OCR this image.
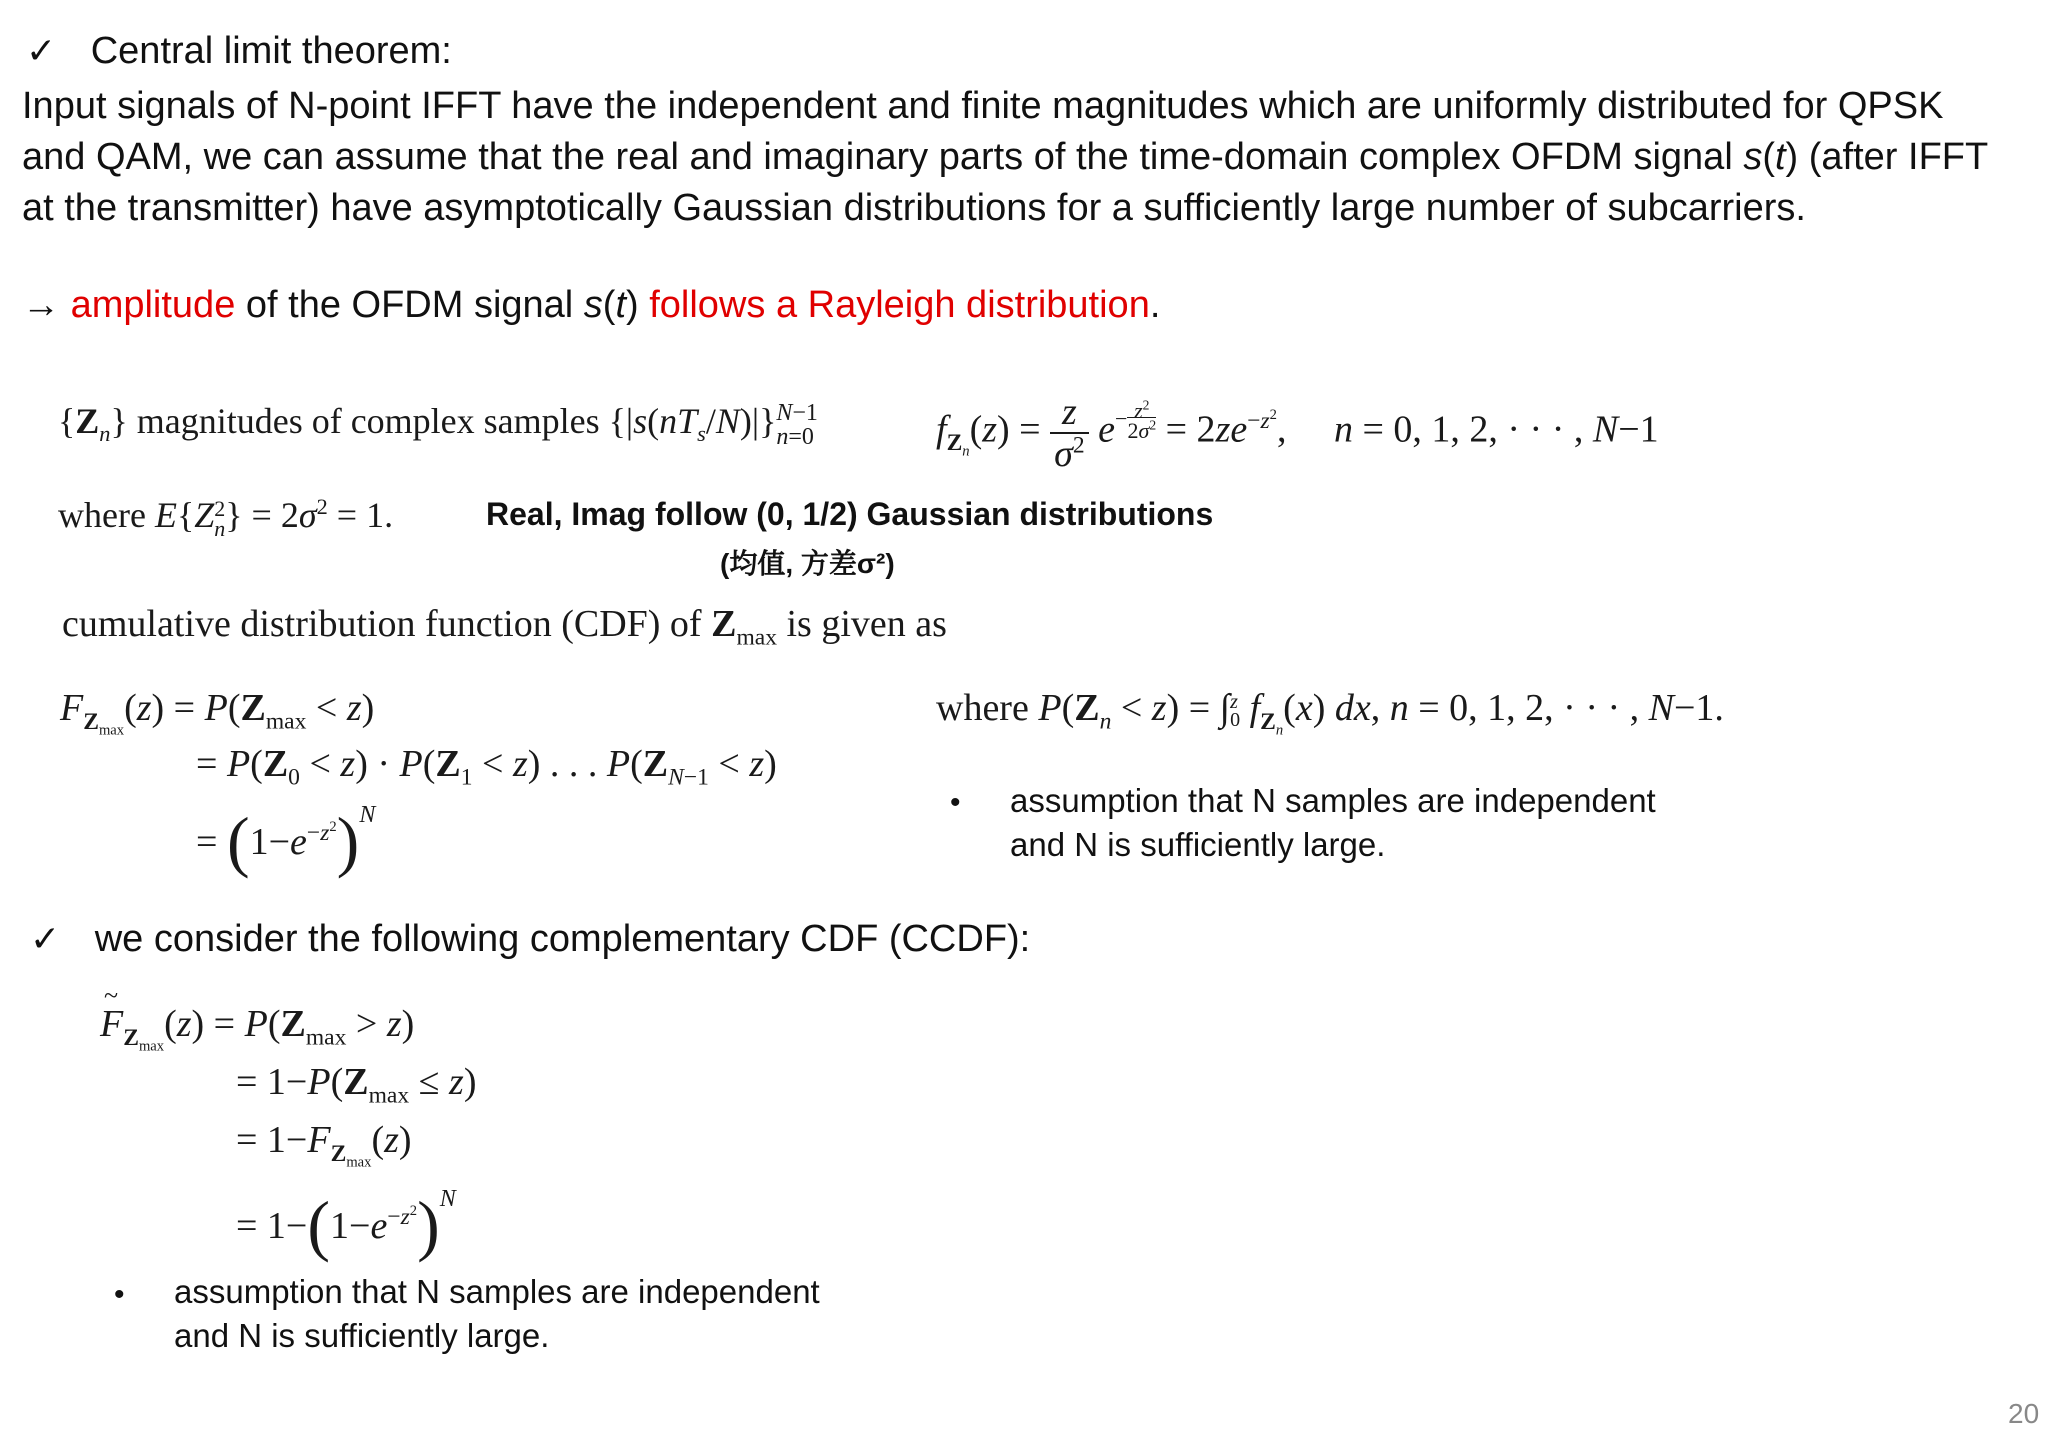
✓ Central limit theorem:
Input signals of N-point IFFT have the independent and finite magnitudes which are uniformly distributed for QPSK
and QAM, we can assume that the real and imaginary parts of the time-domain complex OFDM signal s(t) (after IFFT
at the transmitter) have asymptotically Gaussian distributions for a sufficiently large number of subcarriers.
→ amplitude of the OFDM signal s(t) follows a Rayleigh distribution.
$\{Z_n\}$ magnitudes of complex samples $\{|s(nT_s/N)|\}N-1$
n=0	$f_{Z_n}(z) = \frac{z}{\sigma^2} e^{- z^2 2\sigma^2} = 2ze^{-z^2}$,     n = 0, 1, 2, · · · , N−1
where E{Z2
$n\} = 2\sigma^2 = 1$.	Real, Imag follow (0, 1/2) Gaussian distributions
(均值, 方差σ²)
cumulative distribution function (CDF) of $Z_{max}$ is given as
$F_{Z_{max}}(z) = P(Z_{max} < z)$
= $P(Z_0 < z) \cdot P(Z_1 < z)$ . . . $P(Z_{N-1} < z)$
= $(1-e^{-z^2})^N$
where $P(Z_n < z) = \int z$
0 $f_{Z_n}(x)$ dx, n = 0, 1, 2, · · · , N−1.
• assumption that N samples are independent
and N is sufficiently large.
✓ we consider the following complementary CDF (CCDF):
F
~
$_{Z_{max}}(z) = P(Z_{max} > z)$
= $1-P(Z_{max} \le z)$
= $1-F_{Z_{max}}(z)$
= $1-(1-e^{-z^2})^N$
• assumption that N samples are independent
and N is sufficiently large.
20
